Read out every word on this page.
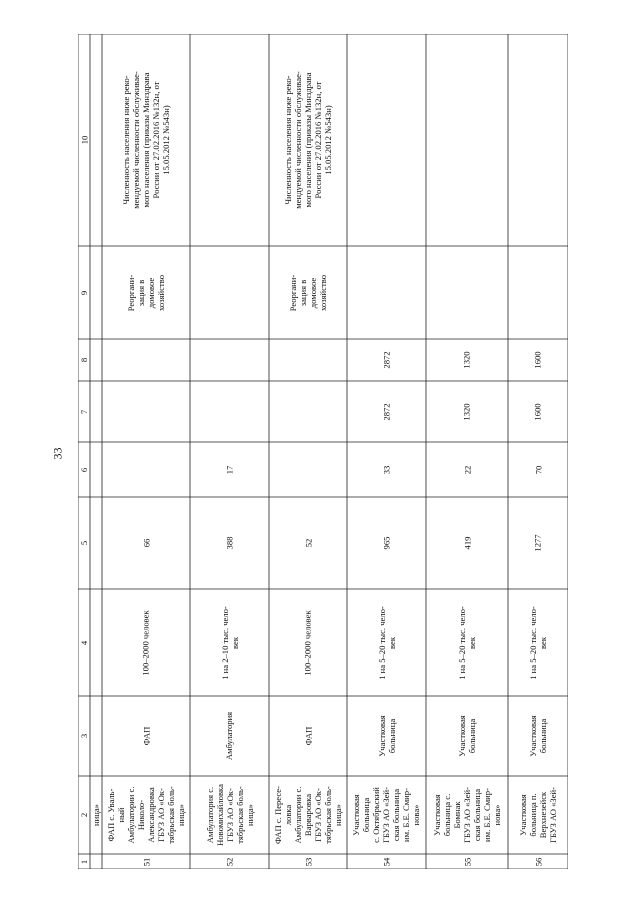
33
1
2
3
4
5
6
7
8
9
10
ница»
51
ФАП с. Уваль- ный Амбулатории с. Николо- Александровка ГБУЗ АО «Ок- тябрьская боль- ница»
ФАП
100–2000 человек
66
Реоргани- зация в домовое хозяйство
Численность населения ниже реко- мендуемой численности обслуживае- мого населения (приказы Минздрава России от 27.02.2016 №132н, от 15.05.2012 №543н)
52
Амбулатория с. Новомихайловка ГБУЗ АО «Ок- тябрьская боль- ница»
Амбулатория
1 на 2–10 тыс. чело- век
388
17
53
ФАП с. Пересе- ловка Амбулатории с. Варваровка ГБУЗ АО «Ок- тябрьская боль- ница»
ФАП
100–2000 человек
52
Реоргани- зация в домовое хозяйство
Численность населения ниже реко- мендуемой численности обслуживае- мого населения (приказы Минздрава России от 27.02.2016 №132н, от 15.05.2012 №543н)
54
Участковая больница с. Октябрьский ГБУЗ АО «Зей- ская больница им. Б.Е. Смир- нова»
Участковая больница
1 на 5–20 тыс. чело- век
965
33
2872
2872
55
Участковая больница с. Бомнак ГБУЗ АО «Зей- ская больница им. Б.Е. Смир- нова»
Участковая больница
1 на 5–20 тыс. чело- век
419
22
1320
1320
56
Участковая больница п. Верхнезейск ГБУЗ АО «Зей-
Участковая больница
1 на 5–20 тыс. чело- век
1277
70
1600
1600
